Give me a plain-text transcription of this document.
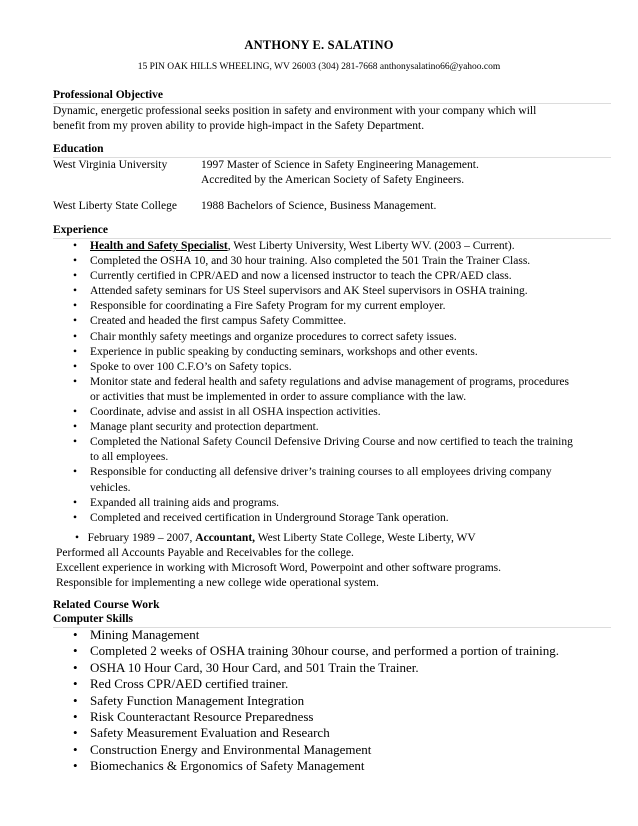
ANTHONY E. SALATINO
15 PIN OAK HILLS WHEELING, WV 26003 (304) 281-7668 anthonysalatino66@yahoo.com
Professional Objective
Dynamic, energetic professional seeks position in safety and environment with your company which will
benefit from my proven ability to provide high-impact in the Safety Department.
Education
West Virginia University	1997 Master of Science in Safety Engineering Management.
Accredited by the American Society of Safety Engineers.
West Liberty State College 1988 Bachelors of Science, Business Management.
Experience
• Health and Safety Specialist, West Liberty University, West Liberty WV. (2003 – Current).
• Completed the OSHA 10, and 30 hour training. Also completed the 501 Train the Trainer Class.
• Currently certified in CPR/AED and now a licensed instructor to teach the CPR/AED class.
• Attended safety seminars for US Steel supervisors and AK Steel supervisors in OSHA training.
• Responsible for coordinating a Fire Safety Program for my current employer.
• Created and headed the first campus Safety Committee.
• Chair monthly safety meetings and organize procedures to correct safety issues.
• Experience in public speaking by conducting seminars, workshops and other events.
• Spoke to over 100 C.F.O’s on Safety topics.
• Monitor state and federal health and safety regulations and advise management of programs, procedures or activities that must be implemented in order to assure compliance with the law.
• Coordinate, advise and assist in all OSHA inspection activities.
• Manage plant security and protection department.
• Completed the National Safety Council Defensive Driving Course and now certified to teach the training to all employees.
• Responsible for conducting all defensive driver’s training courses to all employees driving company vehicles.
• Expanded all training aids and programs.
• Completed and received certification in Underground Storage Tank operation.
• February 1989 – 2007, Accountant, West Liberty State College, Weste Liberty, WV
Performed all Accounts Payable and Receivables for the college.
Excellent experience in working with Microsoft Word, Powerpoint and other software programs.
Responsible for implementing a new college wide operational system.
Related Course Work
Computer Skills
• Mining Management
• Completed 2 weeks of OSHA training 30hour course, and performed a portion of training.
• OSHA 10 Hour Card, 30 Hour Card, and 501 Train the Trainer.
• Red Cross CPR/AED certified trainer.
• Safety Function Management Integration
• Risk Counteractant Resource Preparedness
• Safety Measurement Evaluation and Research
• Construction Energy and Environmental Management
• Biomechanics & Ergonomics of Safety Management
